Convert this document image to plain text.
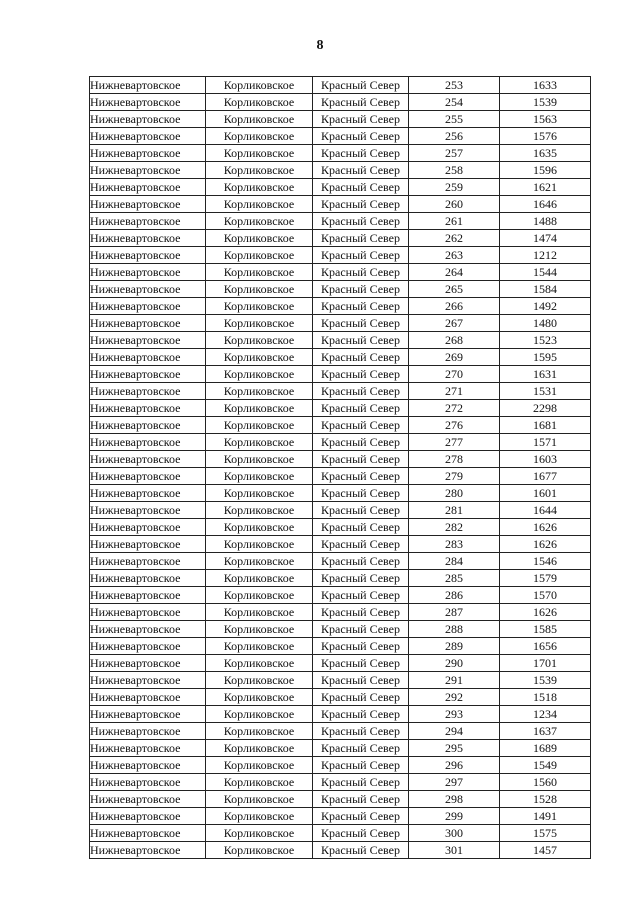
8
Нижневартовское	Корликовское	Красный Север	253	1633
Нижневартовское	Корликовское	Красный Север	254	1539
Нижневартовское	Корликовское	Красный Север	255	1563
Нижневартовское	Корликовское	Красный Север	256	1576
Нижневартовское	Корликовское	Красный Север	257	1635
Нижневартовское	Корликовское	Красный Север	258	1596
Нижневартовское	Корликовское	Красный Север	259	1621
Нижневартовское	Корликовское	Красный Север	260	1646
Нижневартовское	Корликовское	Красный Север	261	1488
Нижневартовское	Корликовское	Красный Север	262	1474
Нижневартовское	Корликовское	Красный Север	263	1212
Нижневартовское	Корликовское	Красный Север	264	1544
Нижневартовское	Корликовское	Красный Север	265	1584
Нижневартовское	Корликовское	Красный Север	266	1492
Нижневартовское	Корликовское	Красный Север	267	1480
Нижневартовское	Корликовское	Красный Север	268	1523
Нижневартовское	Корликовское	Красный Север	269	1595
Нижневартовское	Корликовское	Красный Север	270	1631
Нижневартовское	Корликовское	Красный Север	271	1531
Нижневартовское	Корликовское	Красный Север	272	2298
Нижневартовское	Корликовское	Красный Север	276	1681
Нижневартовское	Корликовское	Красный Север	277	1571
Нижневартовское	Корликовское	Красный Север	278	1603
Нижневартовское	Корликовское	Красный Север	279	1677
Нижневартовское	Корликовское	Красный Север	280	1601
Нижневартовское	Корликовское	Красный Север	281	1644
Нижневартовское	Корликовское	Красный Север	282	1626
Нижневартовское	Корликовское	Красный Север	283	1626
Нижневартовское	Корликовское	Красный Север	284	1546
Нижневартовское	Корликовское	Красный Север	285	1579
Нижневартовское	Корликовское	Красный Север	286	1570
Нижневартовское	Корликовское	Красный Север	287	1626
Нижневартовское	Корликовское	Красный Север	288	1585
Нижневартовское	Корликовское	Красный Север	289	1656
Нижневартовское	Корликовское	Красный Север	290	1701
Нижневартовское	Корликовское	Красный Север	291	1539
Нижневартовское	Корликовское	Красный Север	292	1518
Нижневартовское	Корликовское	Красный Север	293	1234
Нижневартовское	Корликовское	Красный Север	294	1637
Нижневартовское	Корликовское	Красный Север	295	1689
Нижневартовское	Корликовское	Красный Север	296	1549
Нижневартовское	Корликовское	Красный Север	297	1560
Нижневартовское	Корликовское	Красный Север	298	1528
Нижневартовское	Корликовское	Красный Север	299	1491
Нижневартовское	Корликовское	Красный Север	300	1575
Нижневартовское	Корликовское	Красный Север	301	1457
